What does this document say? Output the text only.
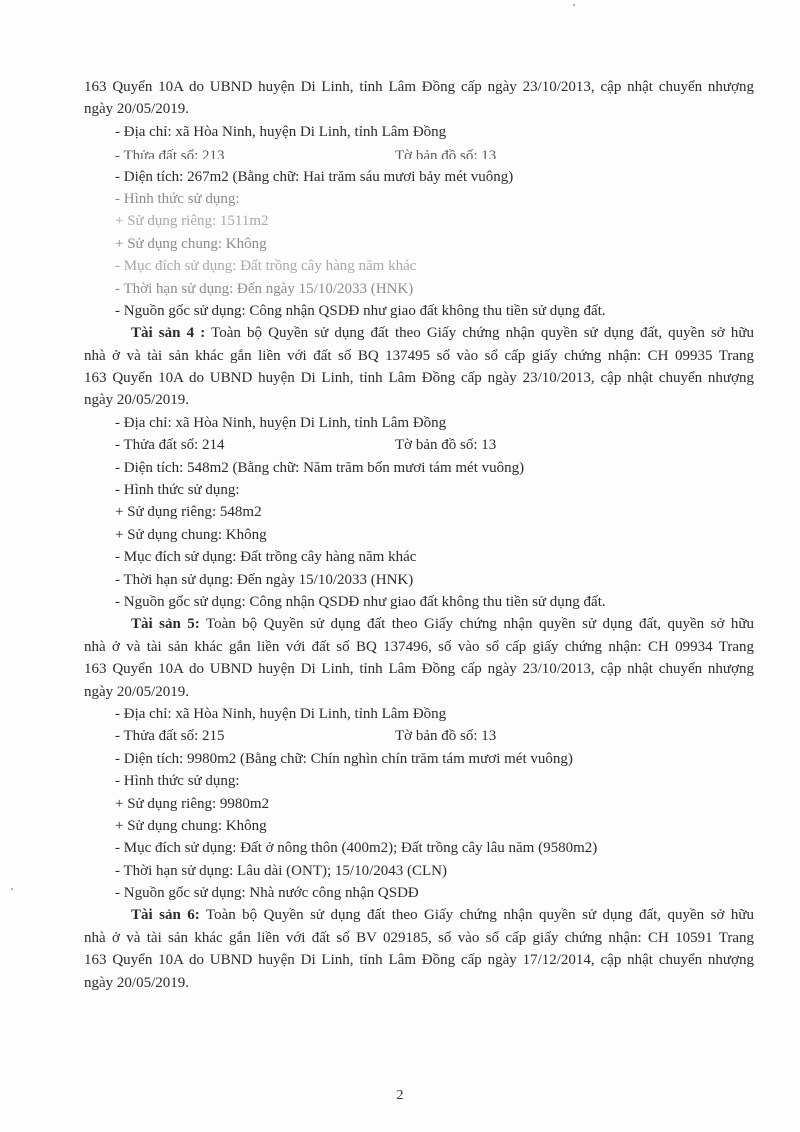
163 Quyển 10A do UBND huyện Di Linh, tỉnh Lâm Đồng cấp ngày 23/10/2013, cập nhật chuyển nhượng
ngày 20/05/2019.
- Địa chỉ: xã Hòa Ninh, huyện Di Linh, tỉnh Lâm Đồng
- Thửa đất số: 213	Tờ bản đồ số: 13
- Diện tích: 267m2 (Bằng chữ: Hai trăm sáu mươi bảy mét vuông)
- Hình thức sử dụng:
+ Sử dụng riêng: 1511m2
+ Sử dụng chung: Không
- Mục đích sử dụng: Đất trồng cây hàng năm khác
- Thời hạn sử dụng: Đến ngày 15/10/2033 (HNK)
- Nguồn gốc sử dụng: Công nhận QSDĐ như giao đất không thu tiền sử dụng đất.
Tài sản 4 : Toàn bộ Quyền sử dụng đất theo Giấy chứng nhận quyền sử dụng đất, quyền sở hữu
nhà ở và tài sản khác gắn liền với đất số BQ 137495 số vào sổ cấp giấy chứng nhận: CH 09935 Trang
163 Quyển 10A do UBND huyện Di Linh, tỉnh Lâm Đồng cấp ngày 23/10/2013, cập nhật chuyển nhượng
ngày 20/05/2019.
- Địa chỉ: xã Hòa Ninh, huyện Di Linh, tỉnh Lâm Đồng
- Thửa đất số: 214	Tờ bản đồ số: 13
- Diện tích: 548m2 (Bằng chữ: Năm trăm bốn mươi tám mét vuông)
- Hình thức sử dụng:
+ Sử dụng riêng: 548m2
+ Sử dụng chung: Không
- Mục đích sử dụng: Đất trồng cây hàng năm khác
- Thời hạn sử dụng: Đến ngày 15/10/2033 (HNK)
- Nguồn gốc sử dụng: Công nhận QSDĐ như giao đất không thu tiền sử dụng đất.
Tài sản 5: Toàn bộ Quyền sử dụng đất theo Giấy chứng nhận quyền sử dụng đất, quyền sở hữu
nhà ở và tài sản khác gắn liền với đất số BQ 137496, số vào sổ cấp giấy chứng nhận: CH 09934 Trang
163 Quyển 10A do UBND huyện Di Linh, tỉnh Lâm Đồng cấp ngày 23/10/2013, cập nhật chuyển nhượng
ngày 20/05/2019.
- Địa chỉ: xã Hòa Ninh, huyện Di Linh, tỉnh Lâm Đồng
- Thửa đất số: 215	Tờ bản đồ số: 13
- Diện tích: 9980m2 (Bằng chữ: Chín nghìn chín trăm tám mươi mét vuông)
- Hình thức sử dụng:
+ Sử dụng riêng: 9980m2
+ Sử dụng chung: Không
- Mục đích sử dụng: Đất ở nông thôn (400m2); Đất trồng cây lâu năm (9580m2)
- Thời hạn sử dụng: Lâu dài (ONT); 15/10/2043 (CLN)
- Nguồn gốc sử dụng: Nhà nước công nhận QSDĐ
Tài sản 6: Toàn bộ Quyền sử dụng đất theo Giấy chứng nhận quyền sử dụng đất, quyền sở hữu
nhà ở và tài sản khác gắn liền với đất số BV 029185, số vào sổ cấp giấy chứng nhận: CH 10591 Trang
163 Quyển 10A do UBND huyện Di Linh, tỉnh Lâm Đồng cấp ngày 17/12/2014, cập nhật chuyển nhượng
ngày 20/05/2019.
2
